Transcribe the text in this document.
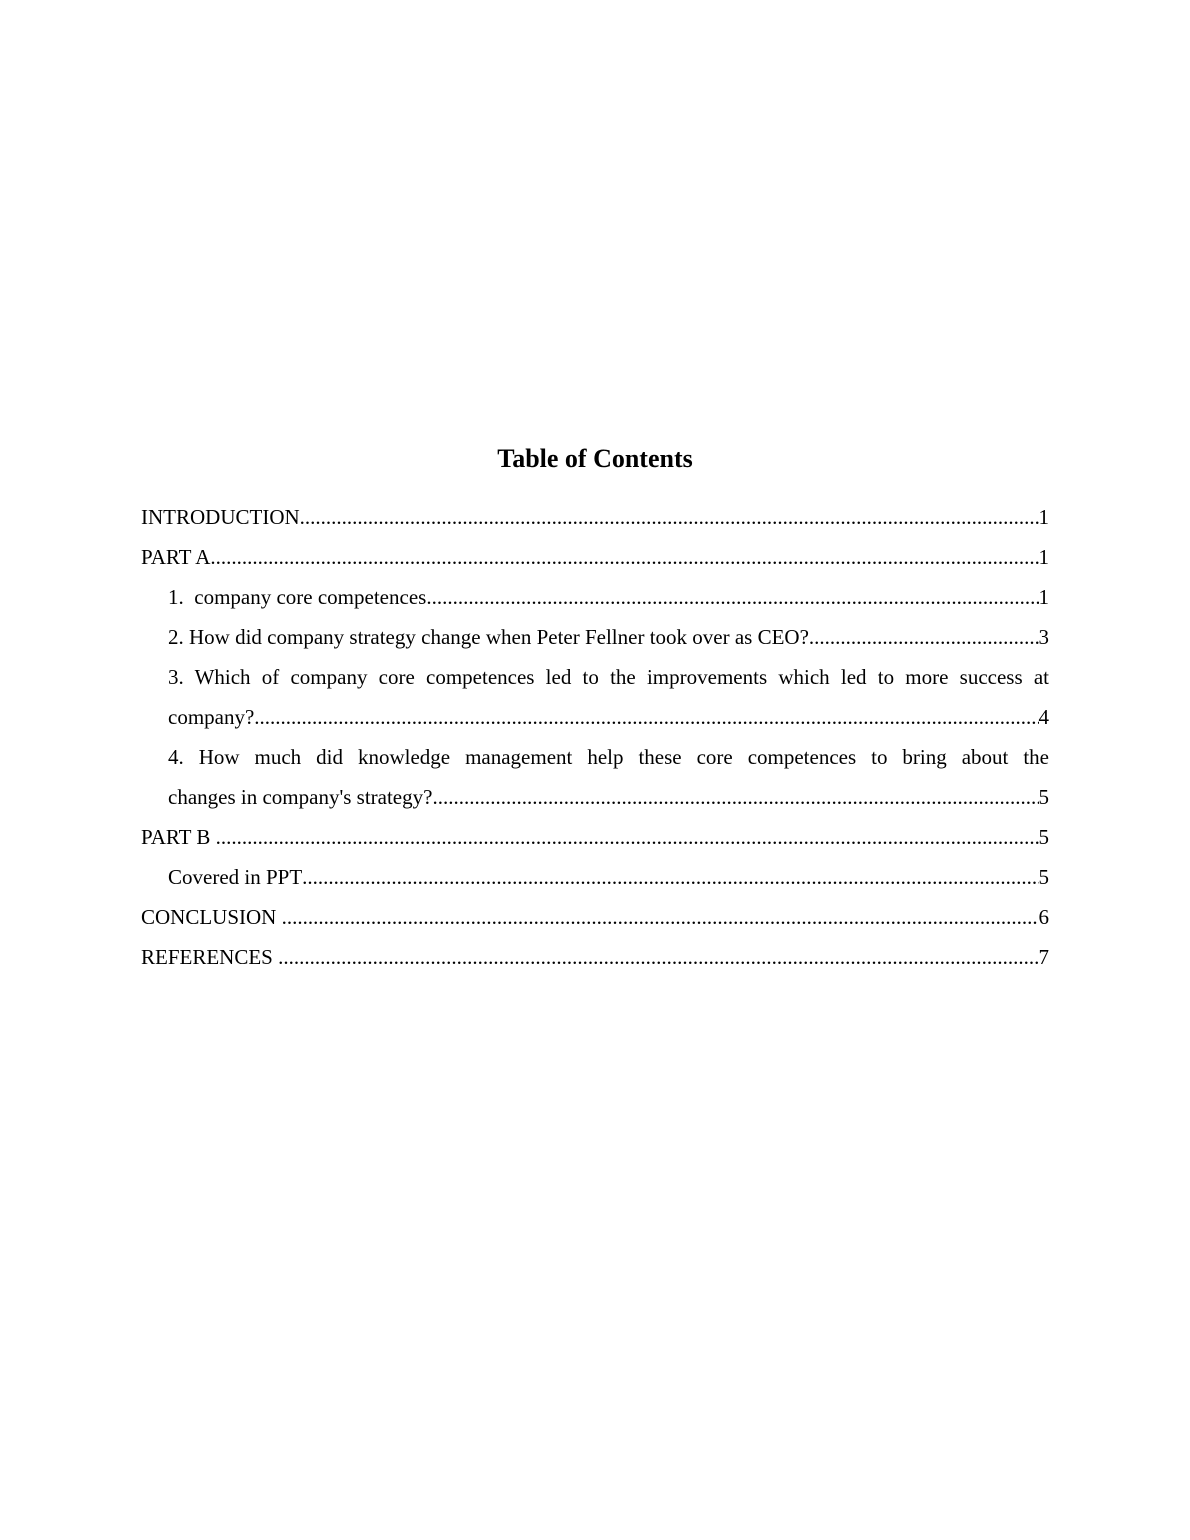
Table of Contents
INTRODUCTION .....	1
PART A .....	1
1.  company core competences .....	1
2. How did company strategy change when Peter Fellner took over as CEO? .....	3
3. Which of company core competences led to the improvements which led to more success at
company? .....	4
4. How much did knowledge management help these core competences to bring about the
changes in company's strategy? .....	5
PART B .....	5
Covered in PPT .....	5
CONCLUSION .....	6
REFERENCES .....	7
